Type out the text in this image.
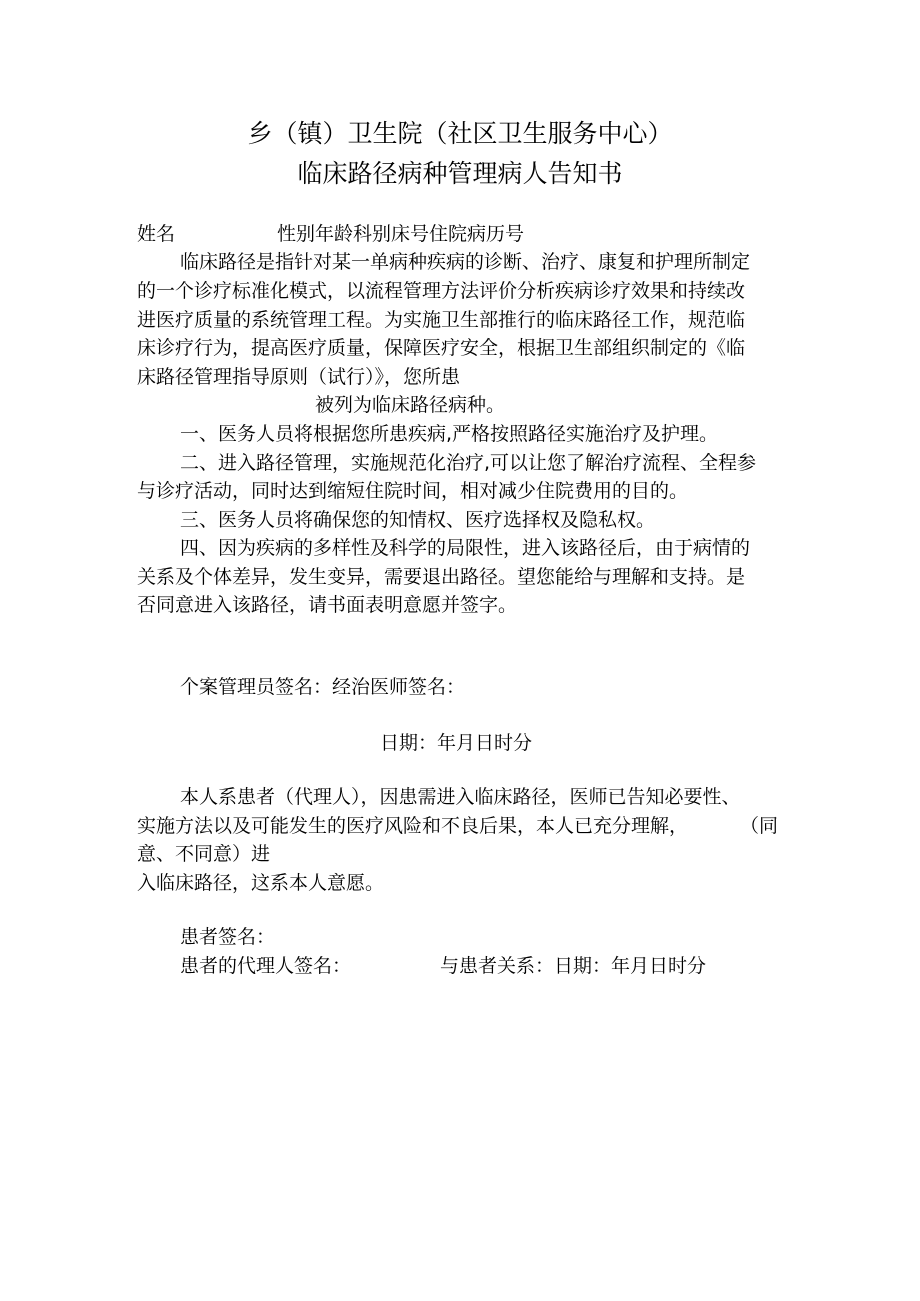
乡（镇）卫生院（社区卫生服务中心）
临床路径病种管理病人告知书
姓名	性别年龄科别床号住院病历号
临床路径是指针对某一单病种疾病的诊断、治疗、康复和护理所制定
的一个诊疗标准化模式，以流程管理方法评价分析疾病诊疗效果和持续改
进医疗质量的系统管理工程。为实施卫生部推行的临床路径工作，规范临
床诊疗行为，提高医疗质量，保障医疗安全，根据卫生部组织制定的《临
床路径管理指导原则（试行）》，您所患
被列为临床路径病种。
一、医务人员将根据您所患疾病,严格按照路径实施治疗及护理。
二、进入路径管理，实施规范化治疗,可以让您了解治疗流程、全程参
与诊疗活动，同时达到缩短住院时间，相对减少住院费用的目的。
三、医务人员将确保您的知情权、医疗选择权及隐私权。
四、因为疾病的多样性及科学的局限性，进入该路径后，由于病情的
关系及个体差异，发生变异，需要退出路径。望您能给与理解和支持。是
否同意进入该路径，请书面表明意愿并签字。
个案管理员签名：经治医师签名：
日期：年月日时分
本人系患者（代理人），因患需进入临床路径，医师已告知必要性、
实施方法以及可能发生的医疗风险和不良后果，本人已充分理解，	（同
意、不同意）进
入临床路径，这系本人意愿。
患者签名：
患者的代理人签名：	与患者关系：日期：年月日时分
